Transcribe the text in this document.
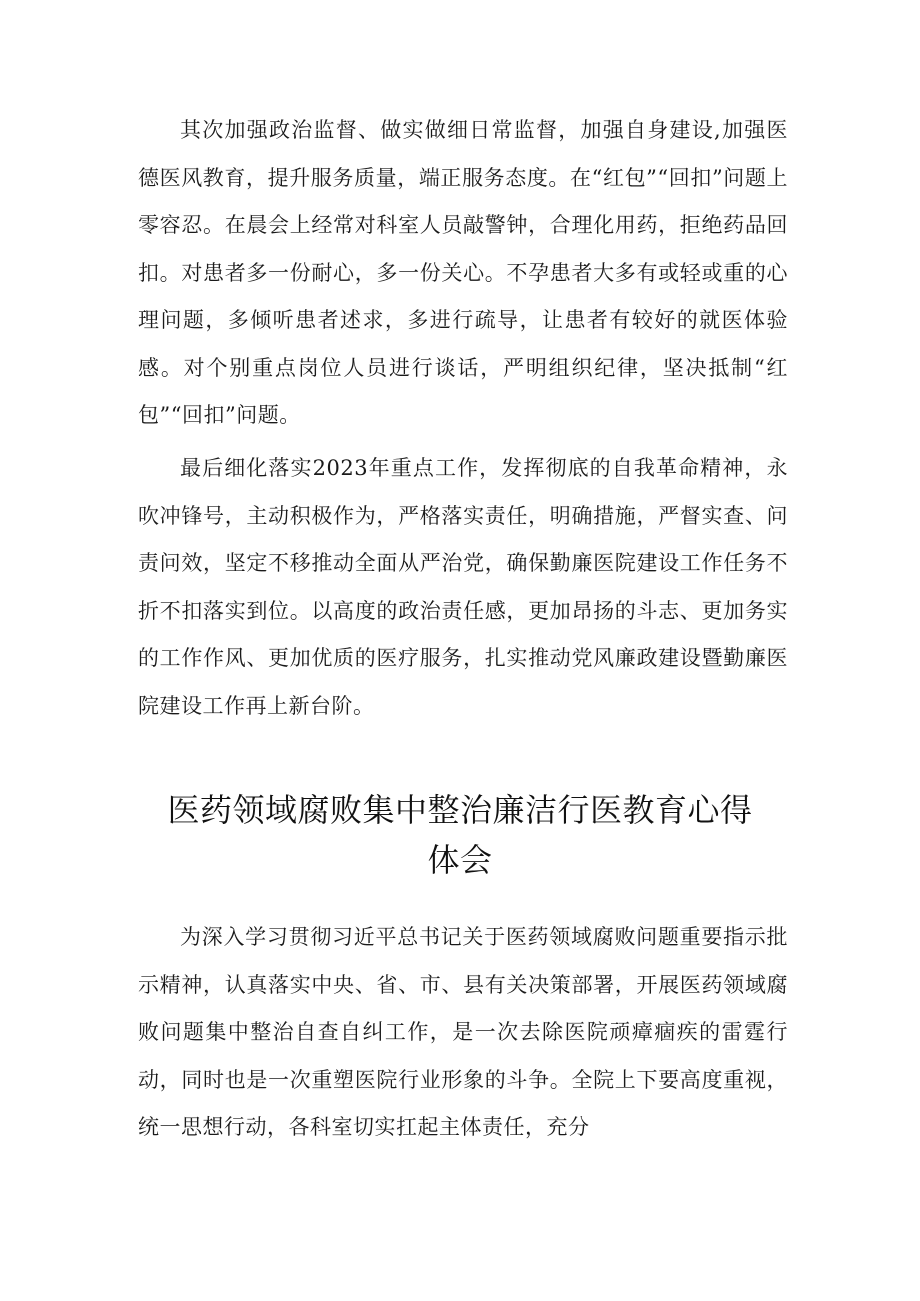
其次加强政治监督、做实做细日常监督，加强自身建设,加强医德医风教育，提升服务质量，端正服务态度。在“红包”“回扣”问题上零容忍。在晨会上经常对科室人员敲警钟，合理化用药，拒绝药品回扣。对患者多一份耐心，多一份关心。不孕患者大多有或轻或重的心理问题，多倾听患者述求，多进行疏导，让患者有较好的就医体验感。对个别重点岗位人员进行谈话，严明组织纪律，坚决抵制“红包”“回扣”问题。

最后细化落实2023年重点工作，发挥彻底的自我革命精神，永吹冲锋号，主动积极作为，严格落实责任，明确措施，严督实查、问责问效，坚定不移推动全面从严治党，确保勤廉医院建设工作任务不折不扣落实到位。以高度的政治责任感，更加昂扬的斗志、更加务实的工作作风、更加优质的医疗服务，扎实推动党风廉政建设暨勤廉医院建设工作再上新台阶。

医药领域腐败集中整治廉洁行医教育心得
体会

为深入学习贯彻习近平总书记关于医药领域腐败问题重要指示批示精神，认真落实中央、省、市、县有关决策部署，开展医药领域腐败问题集中整治自查自纠工作，是一次去除医院顽瘴痼疾的雷霆行动，同时也是一次重塑医院行业形象的斗争。全院上下要高度重视，统一思想行动，各科室切实扛起主体责任，充分
